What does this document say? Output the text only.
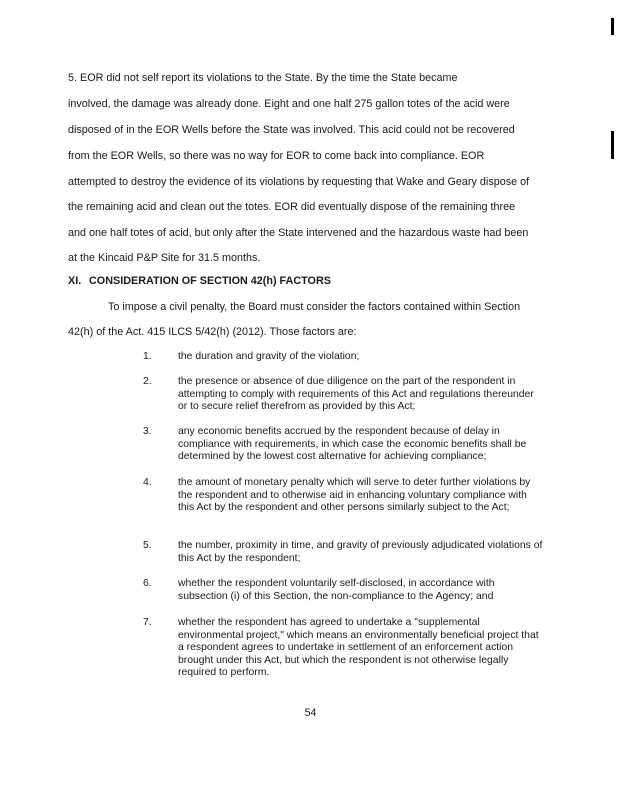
5. EOR did not self report its violations to the State. By the time the State became
involved, the damage was already done. Eight and one half 275 gallon totes of the acid were
disposed of in the EOR Wells before the State was involved. This acid could not be recovered
from the EOR Wells, so there was no way for EOR to come back into compliance. EOR
attempted to destroy the evidence of its violations by requesting that Wake and Geary dispose of
the remaining acid and clean out the totes. EOR did eventually dispose of the remaining three
and one half totes of acid, but only after the State intervened and the hazardous waste had been
at the Kincaid P&P Site for 31.5 months.
XI. CONSIDERATION OF SECTION 42(h) FACTORS
To impose a civil penalty, the Board must consider the factors contained within Section
42(h) of the Act. 415 ILCS 5/42(h) (2012). Those factors are:
1.	the duration and gravity of the violation;
2.	the presence or absence of due diligence on the part of the respondent in attempting to comply with requirements of this Act and regulations thereunder or to secure relief therefrom as provided by this Act;
3.	any economic benefits accrued by the respondent because of delay in compliance with requirements, in which case the economic benefits shall be determined by the lowest cost alternative for achieving compliance;
4.	the amount of monetary penalty which will serve to deter further violations by the respondent and to otherwise aid in enhancing voluntary compliance with this Act by the respondent and other persons similarly subject to the Act;
5.	the number, proximity in time, and gravity of previously adjudicated violations of this Act by the respondent;
6.	whether the respondent voluntarily self-disclosed, in accordance with subsection (i) of this Section, the non-compliance to the Agency; and
7.	whether the respondent has agreed to undertake a "supplemental environmental project," which means an environmentally beneficial project that a respondent agrees to undertake in settlement of an enforcement action brought under this Act, but which the respondent is not otherwise legally required to perform.
54
